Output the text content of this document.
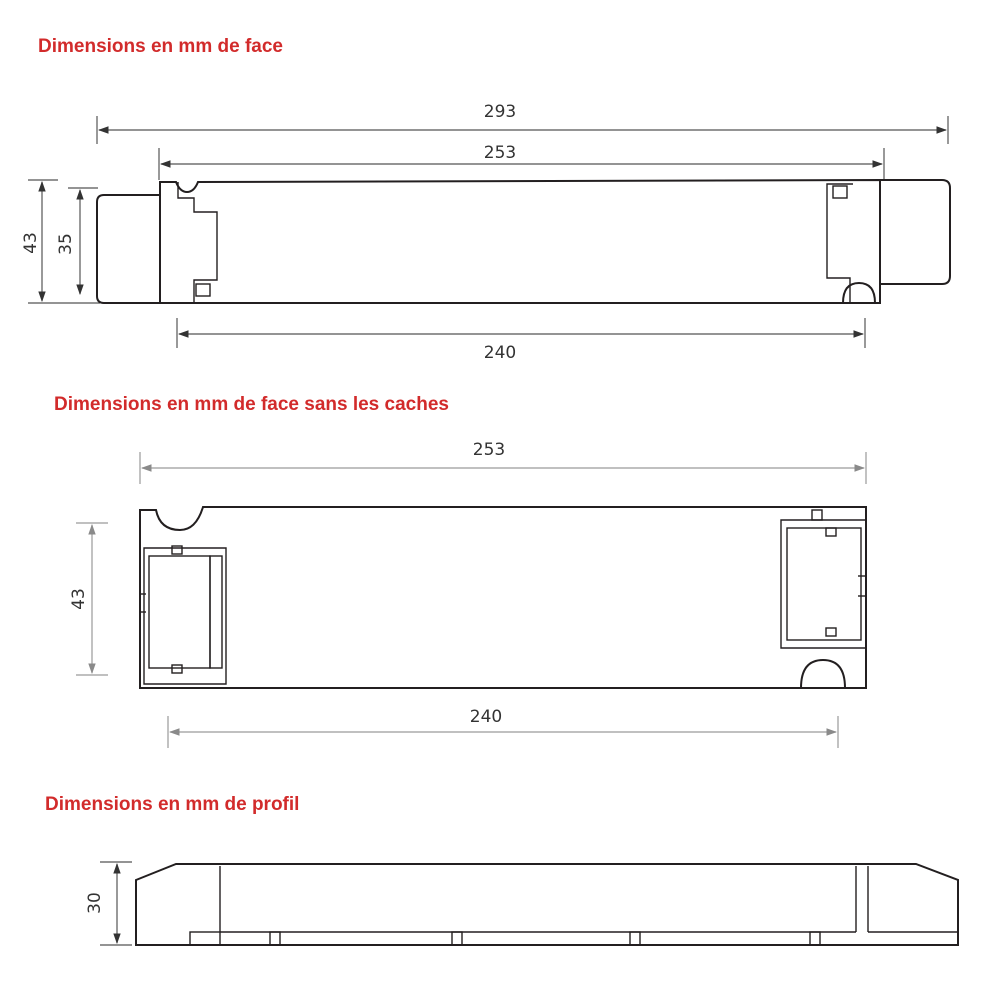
Dimensions en mm de face
Dimensions en mm de face sans les caches
Dimensions en mm de profil
293
253
43 35
240
253
43
240
30
